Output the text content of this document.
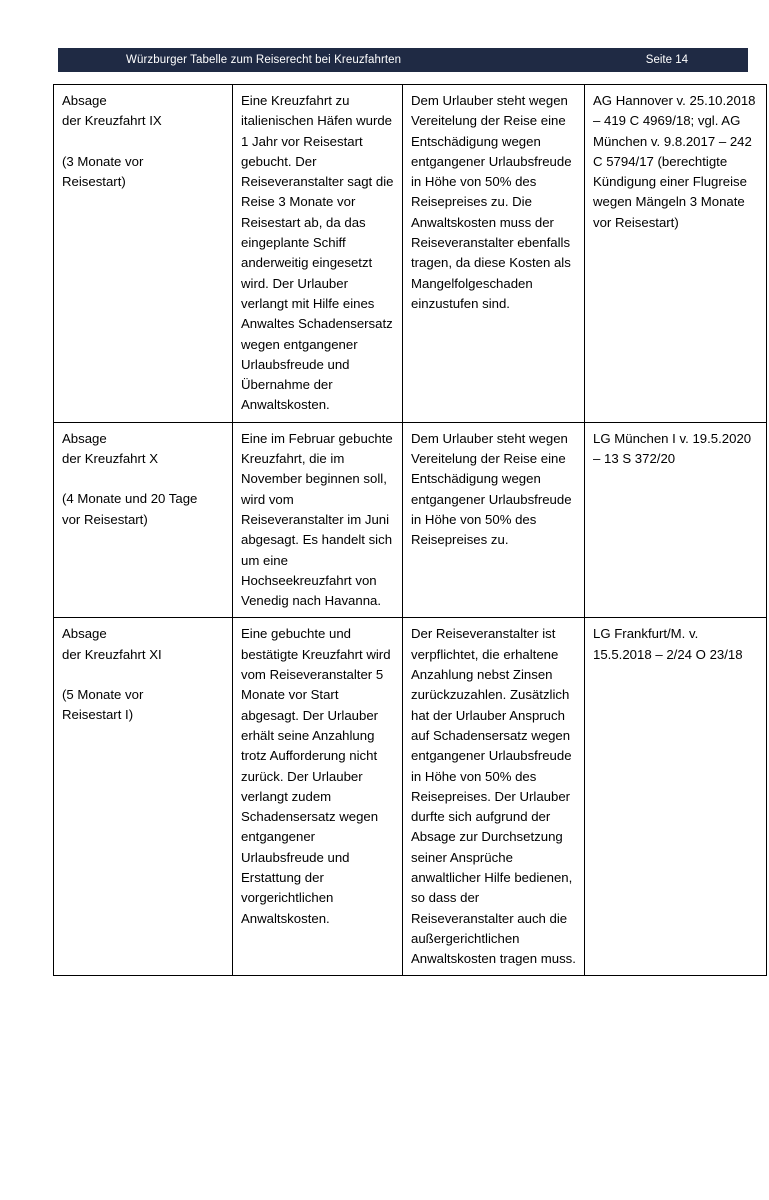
Würzburger Tabelle zum Reiserecht bei Kreuzfahrten	Seite 14

Absage

der Kreuzfahrt IX

(3 Monate vor

Reisestart)

	Eine Kreuzfahrt zu italienischen Häfen wurde 1 Jahr vor Reisestart gebucht. Der Reiseveranstalter sagt die Reise 3 Monate vor Reisestart ab, da das eingeplante Schiff anderweitig eingesetzt wird. Der Urlauber verlangt mit Hilfe eines Anwaltes Schadensersatz wegen entgangener Urlaubsfreude und Übernahme der Anwaltskosten.	Dem Urlauber steht wegen Vereitelung der Reise eine Entschädigung wegen entgangener Urlaubsfreude in Höhe von 50% des Reisepreises zu. Die Anwaltskosten muss der Reiseveranstalter ebenfalls tragen, da diese Kosten als Mangelfolgeschaden einzustufen sind.	AG Hannover v. 25.10.2018 – 419 C 4969/18; vgl. AG München v. 9.8.2017 – 242 C 5794/17 (berechtigte Kündigung einer Flugreise wegen Mängeln 3 Monate vor Reisestart)

Absage

der Kreuzfahrt X

(4 Monate und 20 Tage

vor Reisestart)	Eine im Februar gebuchte Kreuzfahrt, die im November beginnen soll, wird vom Reiseveranstalter im Juni abgesagt. Es handelt sich um eine Hochseekreuzfahrt von Venedig nach Havanna.	Dem Urlauber steht wegen Vereitelung der Reise eine Entschädigung wegen entgangener Urlaubsfreude in Höhe von 50% des Reisepreises zu.	LG München I v. 19.5.2020 – 13 S 372/20

Absage

der Kreuzfahrt XI

(5 Monate vor

Reisestart I)

	Eine gebuchte und bestätigte Kreuzfahrt wird vom Reiseveranstalter 5 Monate vor Start abgesagt. Der Urlauber erhält seine Anzahlung trotz Aufforderung nicht zurück. Der Urlauber verlangt zudem Schadensersatz wegen entgangener Urlaubsfreude und Erstattung der vorgerichtlichen Anwaltskosten.	Der Reiseveranstalter ist verpflichtet, die erhaltene Anzahlung nebst Zinsen zurückzuzahlen. Zusätzlich hat der Urlauber Anspruch auf Schadensersatz wegen entgangener Urlaubsfreude in Höhe von 50% des Reisepreises. Der Urlauber durfte sich aufgrund der Absage zur Durchsetzung seiner Ansprüche anwaltlicher Hilfe bedienen, so dass der Reiseveranstalter auch die außergerichtlichen Anwaltskosten tragen muss.	LG Frankfurt/M. v. 15.5.2018 – 2/24 O 23/18
